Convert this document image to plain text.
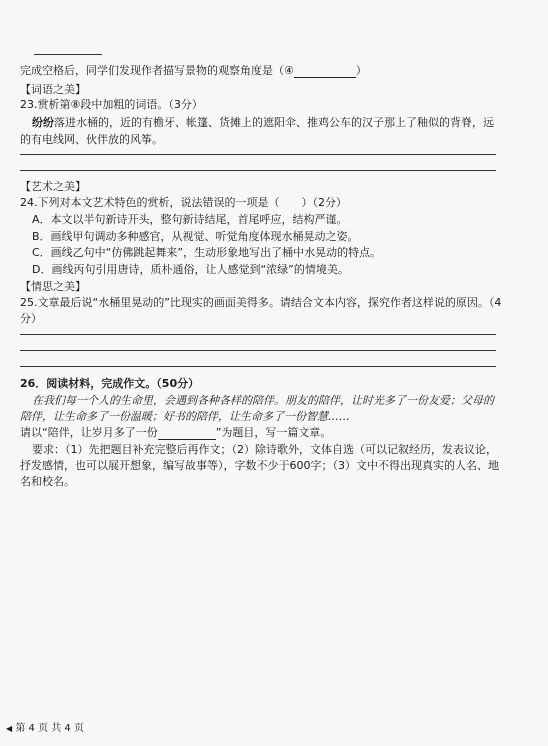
完成空格后，同学们发现作者描写景物的观察角度是（④	）
【词语之美】
23.赏析第⑧段中加粗的词语。（3分）
纷纷落进水桶的，近的有檐牙、帐篷、货摊上的遮阳伞、推鸡公车的汉子那上了釉似的背脊，远
的有电线网、伙伴放的风筝。
【艺术之美】
24.下列对本文艺术特色的赏析，说法错误的一项是（　　）（2分）
A．本文以半句新诗开头，整句新诗结尾，首尾呼应，结构严谨。
B．画线甲句调动多种感官，从视觉、听觉角度体现水桶晃动之姿。
C．画线乙句中“仿佛跳起舞来”，生动形象地写出了桶中水晃动的特点。
D．画线丙句引用唐诗，质朴通俗，让人感觉到“浓绿”的情境美。
【情思之美】
25.文章最后说“水桶里晃动的”比现实的画面美得多。请结合文本内容，探究作者这样说的原因。（4
分）
26．阅读材料，完成作文。（50分）
在我们每一个人的生命里，会遇到各种各样的陪伴。朋友的陪伴，让时光多了一份友爱；父母的
陪伴，让生命多了一份温暖；好书的陪伴，让生命多了一份智慧……
请以“陪伴，让岁月多了一份	”为题目，写一篇文章。
要求：（1）先把题目补充完整后再作文；（2）除诗歌外，文体自选（可以记叙经历，发表议论，
抒发感情，也可以展开想象，编写故事等），字数不少于600字；（3）文中不得出现真实的人名、地
名和校名。
◀ 第 4 页 共 4 页
